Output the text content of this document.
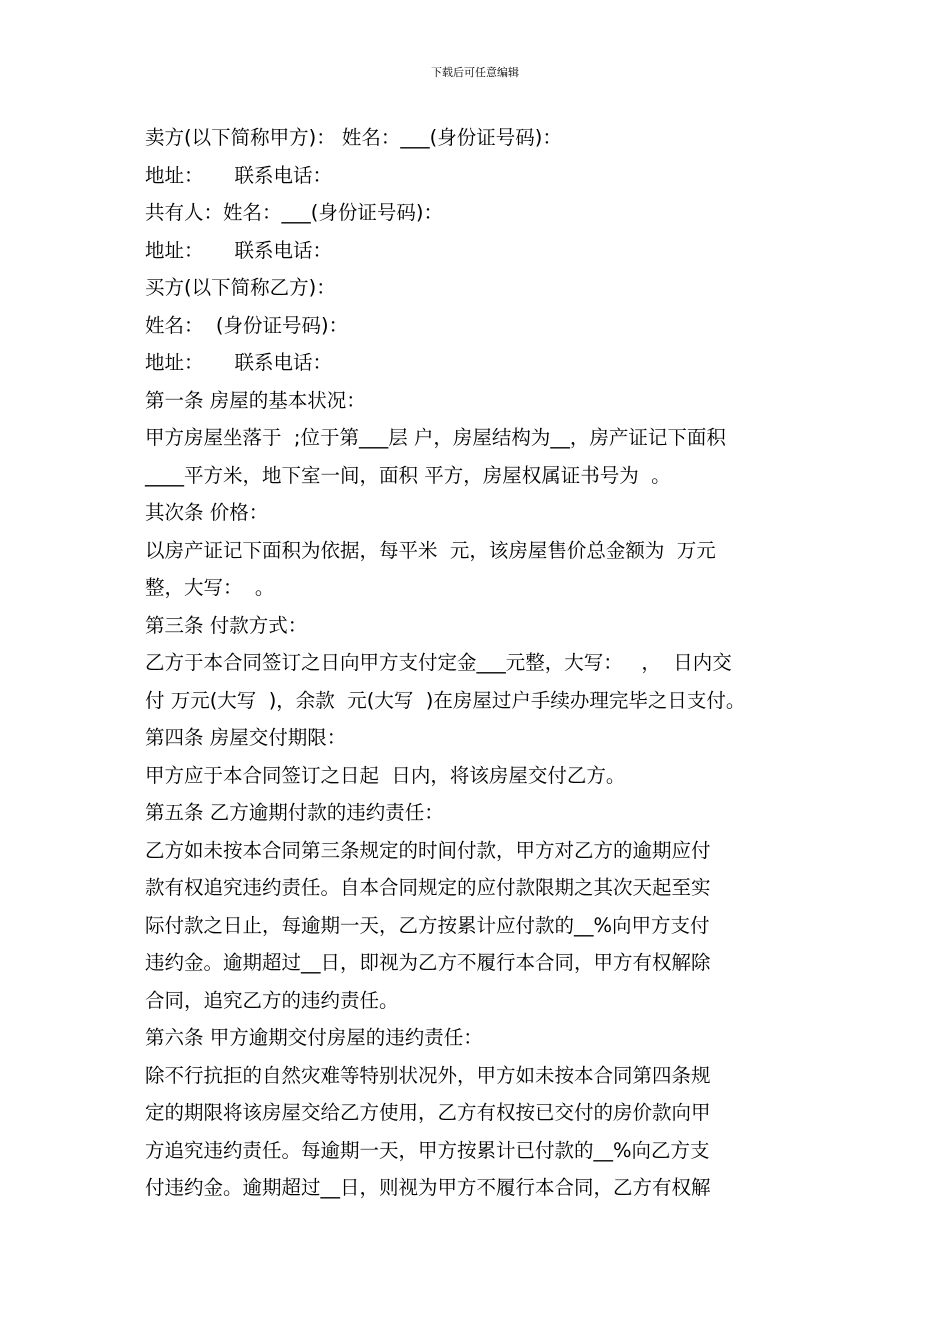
下载后可任意编辑
卖方(以下简称甲方)： 姓名：___(身份证号码)：
地址：     联系电话：
共有人：姓名：___(身份证号码)：
地址：     联系电话：
买方(以下简称乙方)：
姓名：  (身份证号码)：
地址：     联系电话：
第一条 房屋的基本状况：
甲方房屋坐落于  ;位于第___层 户，房屋结构为__，房产证记下面积
____平方米，地下室一间，面积 平方，房屋权属证书号为  。
其次条 价格：
以房产证记下面积为依据，每平米  元，该房屋售价总金额为  万元
整，大写：  。
第三条 付款方式：
乙方于本合同签订之日向甲方支付定金___元整，大写：   ，  日内交
付 万元(大写  )，余款  元(大写  )在房屋过户手续办理完毕之日支付。
第四条 房屋交付期限：
甲方应于本合同签订之日起  日内，将该房屋交付乙方。
第五条 乙方逾期付款的违约责任：
乙方如未按本合同第三条规定的时间付款，甲方对乙方的逾期应付
款有权追究违约责任。自本合同规定的应付款限期之其次天起至实
际付款之日止，每逾期一天，乙方按累计应付款的__%向甲方支付
违约金。逾期超过__日，即视为乙方不履行本合同，甲方有权解除
合同，追究乙方的违约责任。
第六条 甲方逾期交付房屋的违约责任：
除不行抗拒的自然灾难等特别状况外，甲方如未按本合同第四条规
定的期限将该房屋交给乙方使用，乙方有权按已交付的房价款向甲
方追究违约责任。每逾期一天，甲方按累计已付款的__%向乙方支
付违约金。逾期超过__日，则视为甲方不履行本合同，乙方有权解
